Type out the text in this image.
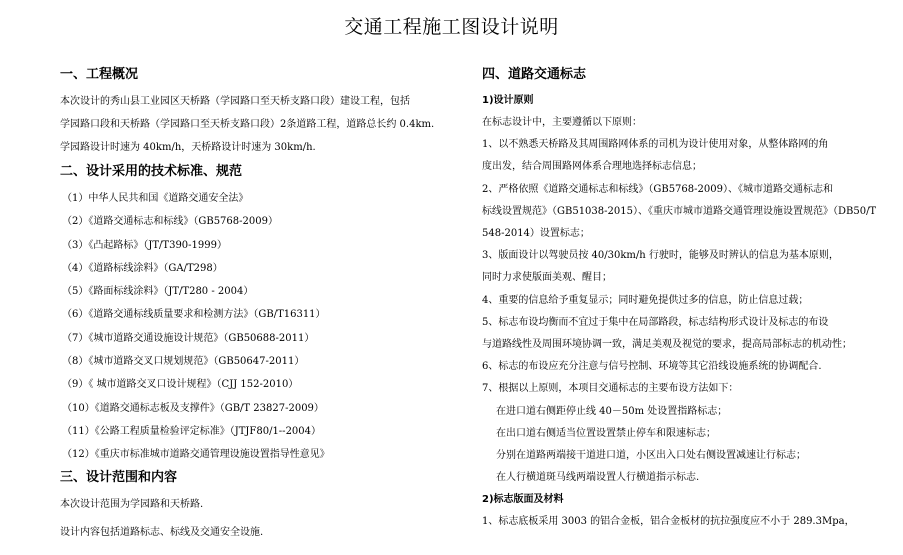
交通工程施工图设计说明
一、工程概况
本次设计的秀山县工业园区天桥路（学园路口至天桥支路口段）建设工程，包括
学园路口段和天桥路（学园路口至天桥支路口段）2条道路工程，道路总长约 0.4km.
学园路设计时速为 40km/h，天桥路设计时速为 30km/h.
二、设计采用的技术标准、规范
（1）中华人民共和国《道路交通安全法》
（2）《道路交通标志和标线》（GB5768-2009）
（3）《凸起路标》（JT/T390-1999）
（4）《道路标线涂料》（GA/T298）
（5）《路面标线涂料》（JT/T280 - 2004）
（6）《道路交通标线质量要求和检测方法》（GB/T16311）
（7）《城市道路交通设施设计规范》（GB50688-2011）
（8）《城市道路交叉口规划规范》（GB50647-2011）
（9）《 城市道路交叉口设计规程》（CJJ 152-2010）
（10）《道路交通标志板及支撑件》（GB/T 23827-2009）
（11）《公路工程质量检验评定标准》（JTJF80/1--2004）
（12）《重庆市标准城市道路交通管理设施设置指导性意见》
三、设计范围和内容
本次设计范围为学园路和天桥路.
设计内容包括道路标志、标线及交通安全设施.
四、道路交通标志
1)设计原则
在标志设计中，主要遵循以下原则：
1、以不熟悉天桥路及其周围路网体系的司机为设计使用对象，从整体路网的角
度出发，结合周围路网体系合理地选择标志信息；
2、严格依照《道路交通标志和标线》（GB5768-2009）、《城市道路交通标志和
标线设置规范》（GB51038-2015）、《重庆市城市道路交通管理设施设置规范》（DB50/T
548-2014）设置标志；
3、版面设计以驾驶员按 40/30km/h 行驶时，能够及时辨认的信息为基本原则，
同时力求使版面美观、醒目；
4、重要的信息给予重复显示；同时避免提供过多的信息，防止信息过载；
5、标志布设均衡而不宜过于集中在局部路段，标志结构形式设计及标志的布设
与道路线性及周围环境协调一致，满足美观及视觉的要求，提高局部标志的机动性；
6、标志的布设应充分注意与信号控制、环境等其它沿线设施系统的协调配合.
7、根据以上原则，本项目交通标志的主要布设方法如下：
在进口道右侧距停止线 40－50m 处设置指路标志；
在出口道右侧适当位置设置禁止停车和限速标志；
分别在道路两端接干道进口道，小区出入口处右侧设置减速让行标志；
在人行横道斑马线两端设置人行横道指示标志.
2)标志版面及材料
1、标志底板采用 3003 的铝合金板，铝合金板材的抗拉强度应不小于 289.3Mpa，
